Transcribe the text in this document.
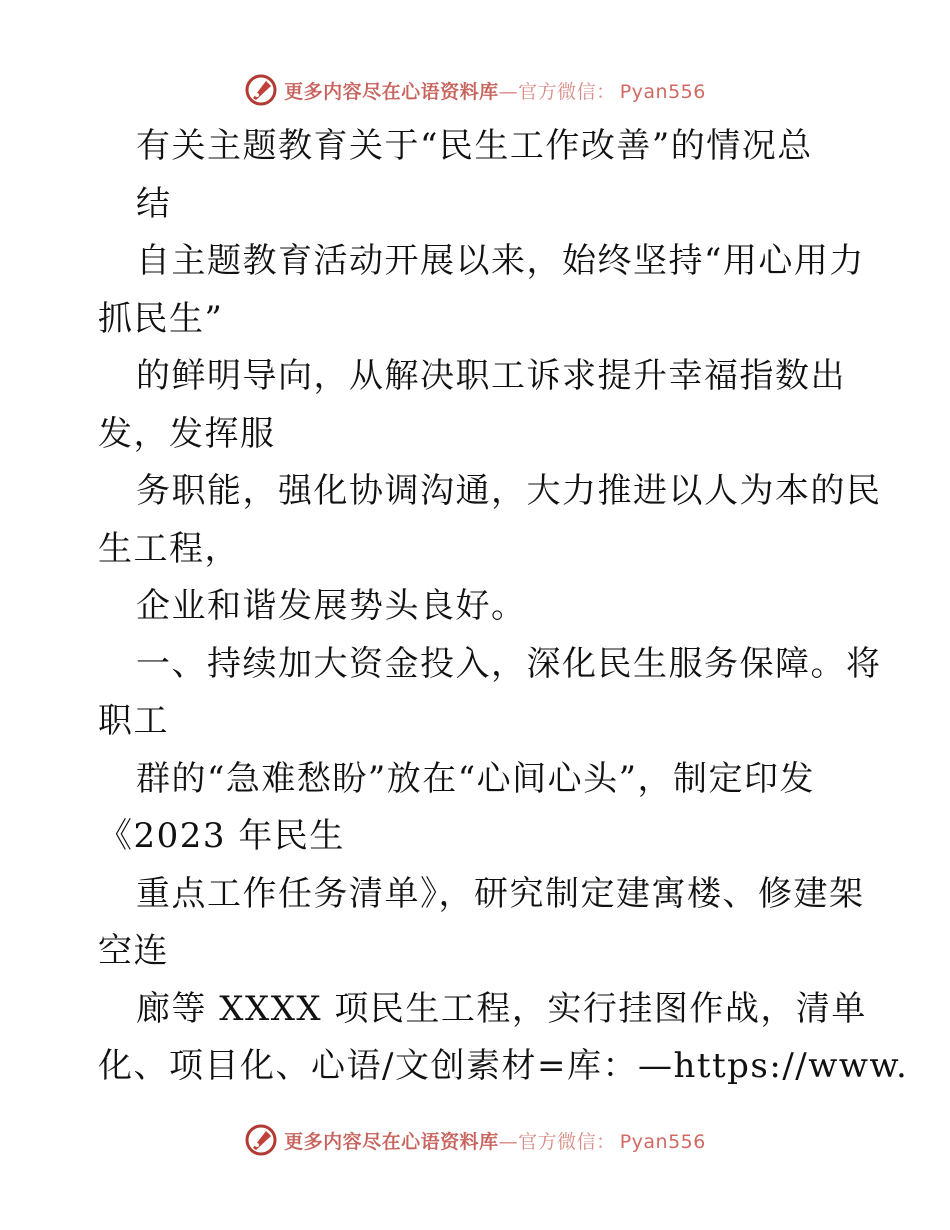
更多内容尽在心语资料库—官方微信： Pyan556
有关主题教育关于“民生工作改善”的情况总
结
自主题教育活动开展以来，始终坚持“用心用力
抓民生”
的鲜明导向，从解决职工诉求提升幸福指数出
发，发挥服
务职能，强化协调沟通，大力推进以人为本的民
生工程，
企业和谐发展势头良好。
一、持续加大资金投入，深化民生服务保障。将
职工
群的“急难愁盼”放在“心间心头”，制定印发
《2023 年民生
重点工作任务清单》，研究制定建寓楼、修建架
空连
廊等 XXXX 项民生工程，实行挂图作战，清单
化、项目化、心语/文创素材=库：—https://www.
更多内容尽在心语资料库—官方微信： Pyan556
